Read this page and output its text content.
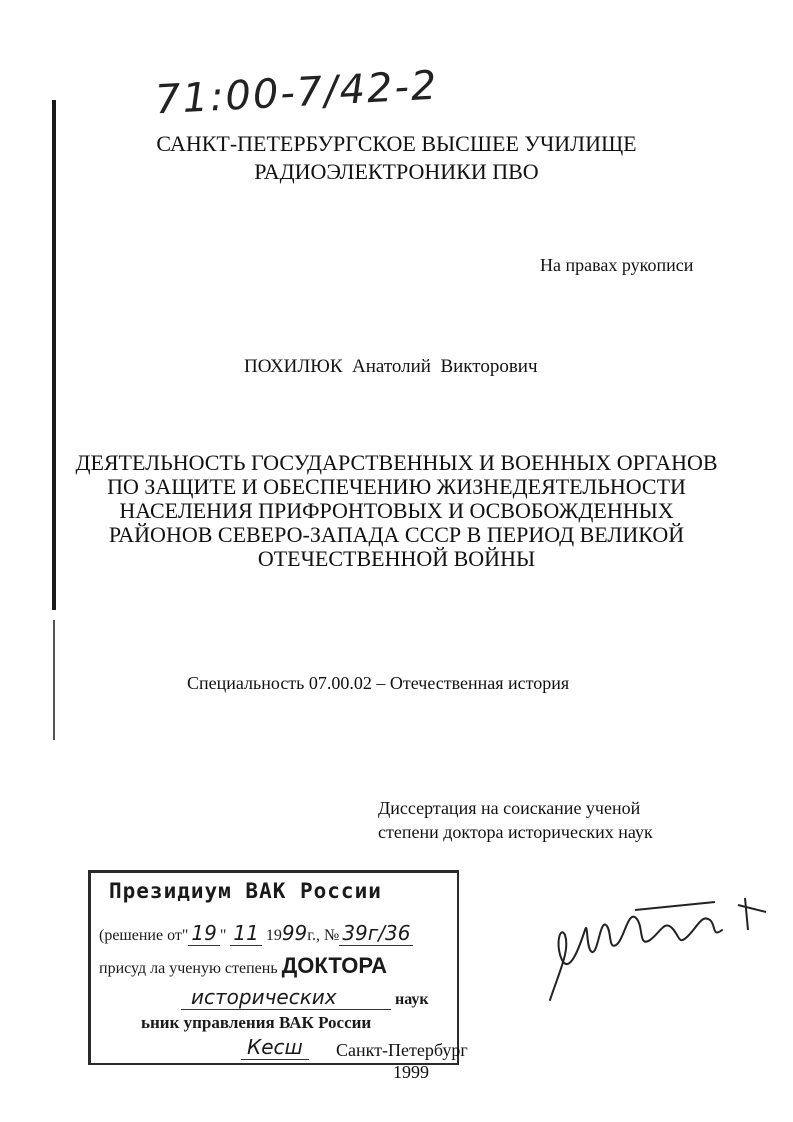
71:00-7/42-2
САНКТ-ПЕТЕРБУРГСКОЕ ВЫСШЕЕ УЧИЛИЩЕ
РАДИОЭЛЕКТРОНИКИ ПВО
На правах рукописи
ПОХИЛЮК  Анатолий  Викторович
ДЕЯТЕЛЬНОСТЬ ГОСУДАРСТВЕННЫХ И ВОЕННЫХ ОРГАНОВ
ПО ЗАЩИТЕ И ОБЕСПЕЧЕНИЮ ЖИЗНЕДЕЯТЕЛЬНОСТИ
НАСЕЛЕНИЯ ПРИФРОНТОВЫХ И ОСВОБОЖДЕННЫХ
РАЙОНОВ СЕВЕРО-ЗАПАДА СССР В ПЕРИОД ВЕЛИКОЙ
ОТЕЧЕСТВЕННОЙ ВОЙНЫ
Специальность 07.00.02 – Отечественная история
Диссертация на соискание ученой
степени доктора исторических наук
Президиум ВАК России
(решение от" 19 " 11 1999г., № 39г/36
присуд ла ученую степень ДОКТОРА
исторических	наук
ьник управления ВАК России
Кесш	Санкт-Петербург
1999
